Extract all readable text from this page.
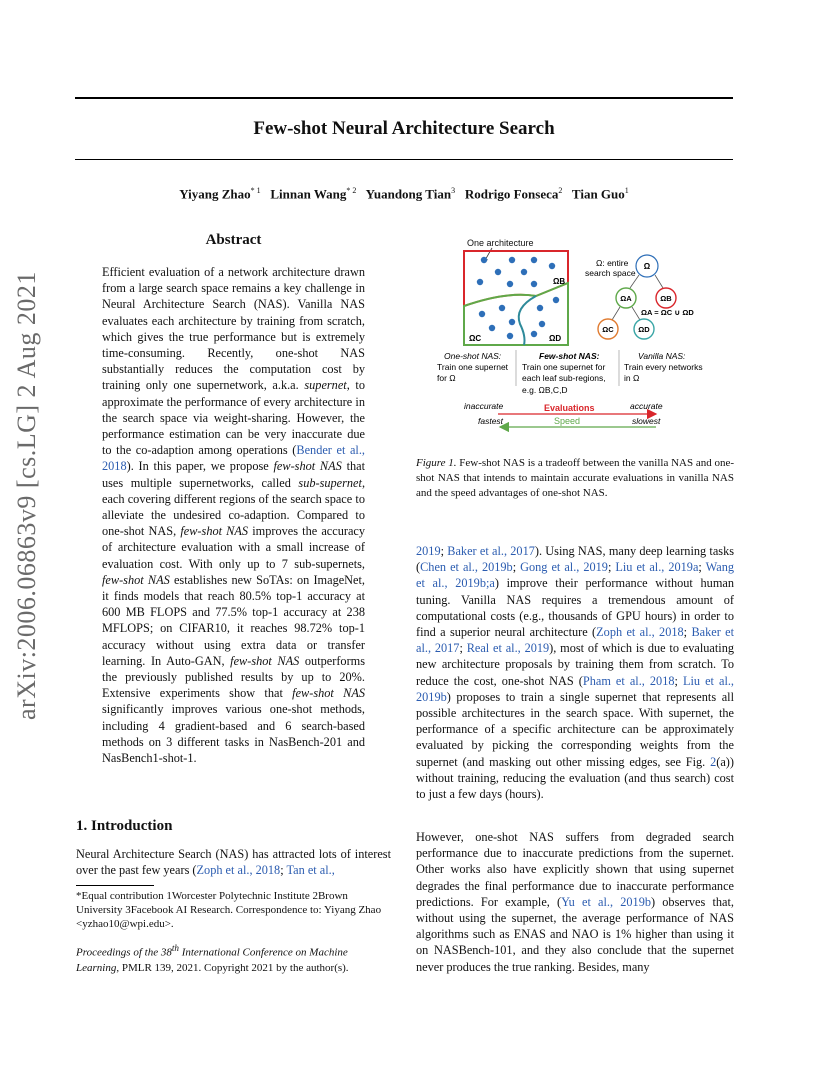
Few-shot Neural Architecture Search
Yiyang Zhao$^{* 1}$ Linnan Wang$^{* 2}$ Yuandong Tian$^3$ Rodrigo Fonseca$^2$ Tian Guo$^1$
arXiv:2006.06863v9 [cs.LG] 2 Aug 2021
Abstract
Efficient evaluation of a network architecture drawn from a large search space remains a key challenge in Neural Architecture Search (NAS). Vanilla NAS evaluates each architecture by training from scratch, which gives the true performance but is extremely time-consuming. Recently, one-shot NAS substantially reduces the computation cost by training only one supernetwork, a.k.a. supernet, to approximate the performance of every architecture in the search space via weight-sharing. However, the performance estimation can be very inaccurate due to the co-adaption among operations (Bender et al., 2018). In this paper, we propose few-shot NAS that uses multiple supernetworks, called sub-supernet, each covering different regions of the search space to alleviate the undesired co-adaption. Compared to one-shot NAS, few-shot NAS improves the accuracy of architecture evaluation with a small increase of evaluation cost. With only up to 7 sub-supernets, few-shot NAS establishes new SoTAs: on ImageNet, it finds models that reach 80.5% top-1 accuracy at 600 MB FLOPS and 77.5% top-1 accuracy at 238 MFLOPS; on CIFAR10, it reaches 98.72% top-1 accuracy without using extra data or transfer learning. In Auto-GAN, few-shot NAS outperforms the previously published results by up to 20%. Extensive experiments show that few-shot NAS significantly improves various one-shot methods, including 4 gradient-based and 6 search-based methods on 3 different tasks in NasBench-201 and NasBench1-shot-1.
1. Introduction
Neural Architecture Search (NAS) has attracted lots of interest over the past few years (Zoph et al., 2018; Tan et al.,
*Equal contribution 1Worcester Polytechnic Institute 2Brown University 3Facebook AI Research. Correspondence to: Yiyang Zhao <yzhao10@wpi.edu>.
Proceedings of the 38th International Conference on Machine Learning, PMLR 139, 2021. Copyright 2021 by the author(s).
One architecture
ΩB
ΩC	ΩD
Ω: entire
search space
Ω
ΩA	ΩB
ΩA = ΩC ∪ ΩD
ΩC	ΩD
One-shot NAS:
Train one supernet
for Ω
Few-shot NAS:
Train one supernet for
each leaf sub-regions,
e.g. ΩB,C,D
Vanilla NAS:
Train every networks
in Ω
inaccurate	Evaluations	accurate
fastest	Speed	slowest
Figure 1. Few-shot NAS is a tradeoff between the vanilla NAS and one-shot NAS that intends to maintain accurate evaluations in vanilla NAS and the speed advantages of one-shot NAS.
2019; Baker et al., 2017). Using NAS, many deep learning tasks (Chen et al., 2019b; Gong et al., 2019; Liu et al., 2019a; Wang et al., 2019b;a) improve their performance without human tuning. Vanilla NAS requires a tremendous amount of computational costs (e.g., thousands of GPU hours) in order to find a superior neural architecture (Zoph et al., 2018; Baker et al., 2017; Real et al., 2019), most of which is due to evaluating new architecture proposals by training them from scratch. To reduce the cost, one-shot NAS (Pham et al., 2018; Liu et al., 2019b) proposes to train a single supernet that represents all possible architectures in the search space. With supernet, the performance of a specific architecture can be approximately evaluated by picking the corresponding weights from the supernet (and masking out other missing edges, see Fig. 2(a)) without training, reducing the evaluation (and thus search) cost to just a few days (hours).
However, one-shot NAS suffers from degraded search performance due to inaccurate predictions from the supernet. Other works also have explicitly shown that using supernet degrades the final performance due to inaccurate performance predictions. For example, (Yu et al., 2019b) observes that, without using the supernet, the average performance of NAS algorithms such as ENAS and NAO is 1% higher than using it on NASBench-101, and they also conclude that the supernet never produces the true ranking. Besides, many
